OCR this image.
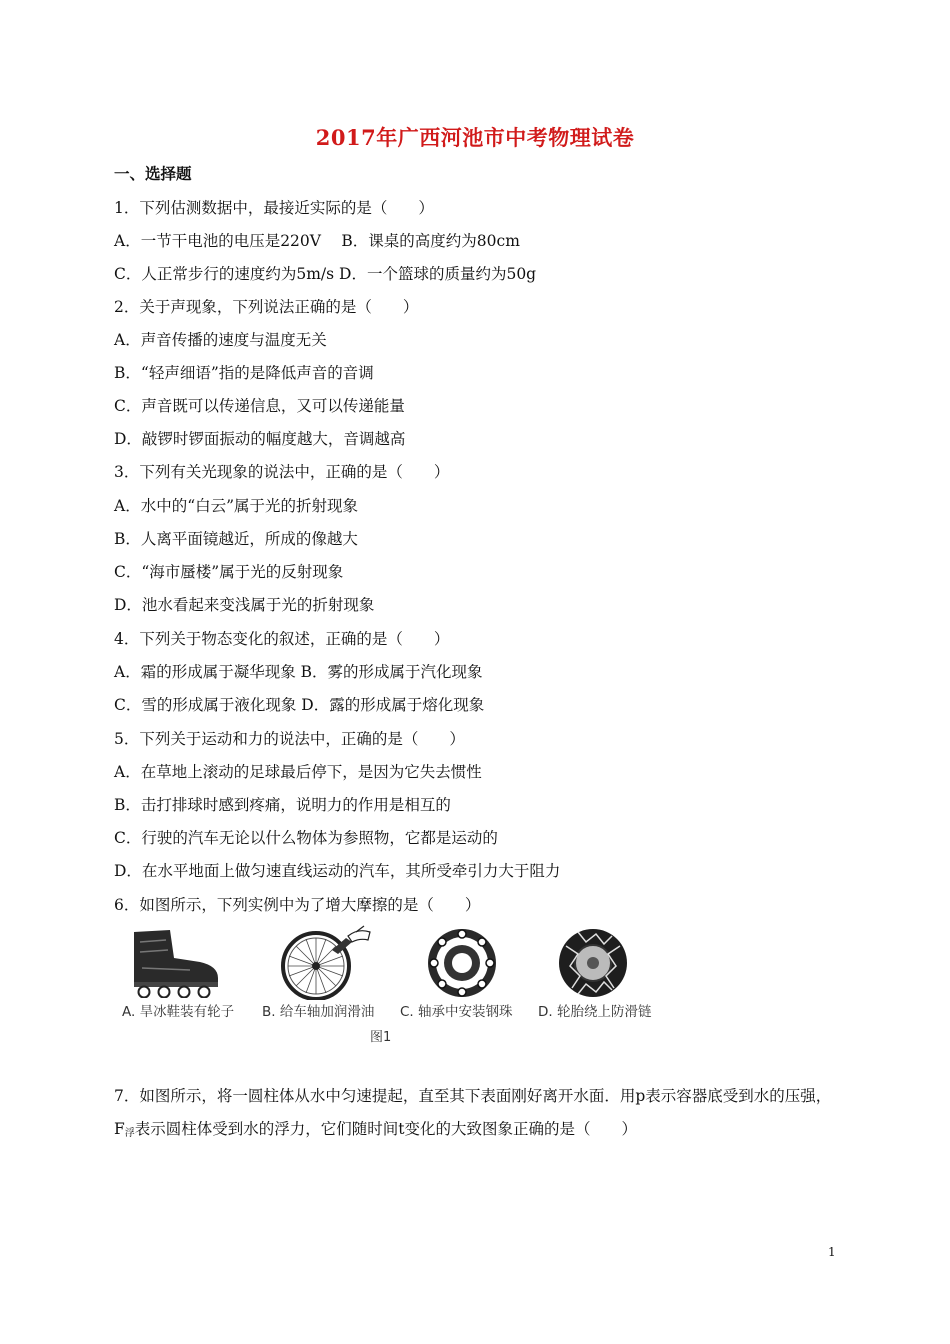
2017年广西河池市中考物理试卷
一、选择题
1．下列估测数据中，最接近实际的是（　　）
A．一节干电池的电压是220V　 B．课桌的高度约为80cm
C．人正常步行的速度约为5m/s D．一个篮球的质量约为50g
2．关于声现象，下列说法正确的是（　　）
A．声音传播的速度与温度无关
B．“轻声细语”指的是降低声音的音调
C．声音既可以传递信息，又可以传递能量
D．敲锣时锣面振动的幅度越大，音调越高
3．下列有关光现象的说法中，正确的是（　　）
A．水中的“白云”属于光的折射现象
B．人离平面镜越近，所成的像越大
C．“海市蜃楼”属于光的反射现象
D．池水看起来变浅属于光的折射现象
4．下列关于物态变化的叙述，正确的是（　　）
A．霜的形成属于凝华现象 B．雾的形成属于汽化现象
C．雪的形成属于液化现象 D．露的形成属于熔化现象
5．下列关于运动和力的说法中，正确的是（　　）
A．在草地上滚动的足球最后停下，是因为它失去惯性
B．击打排球时感到疼痛，说明力的作用是相互的
C．行驶的汽车无论以什么物体为参照物，它都是运动的
D．在水平地面上做匀速直线运动的汽车，其所受牵引力大于阻力
6．如图所示，下列实例中为了增大摩擦的是（　　）
A. 旱冰鞋装有轮子 B. 给车轴加润滑油 C. 轴承中安装钢珠 D. 轮胎绕上防滑链
图1
7．如图所示，将一圆柱体从水中匀速提起，直至其下表面刚好离开水面．用p表示容器底受到水的压强，$F_浮$表示圆柱体受到水的浮力，它们随时间t变化的大致图象正确的是（　　）
1
